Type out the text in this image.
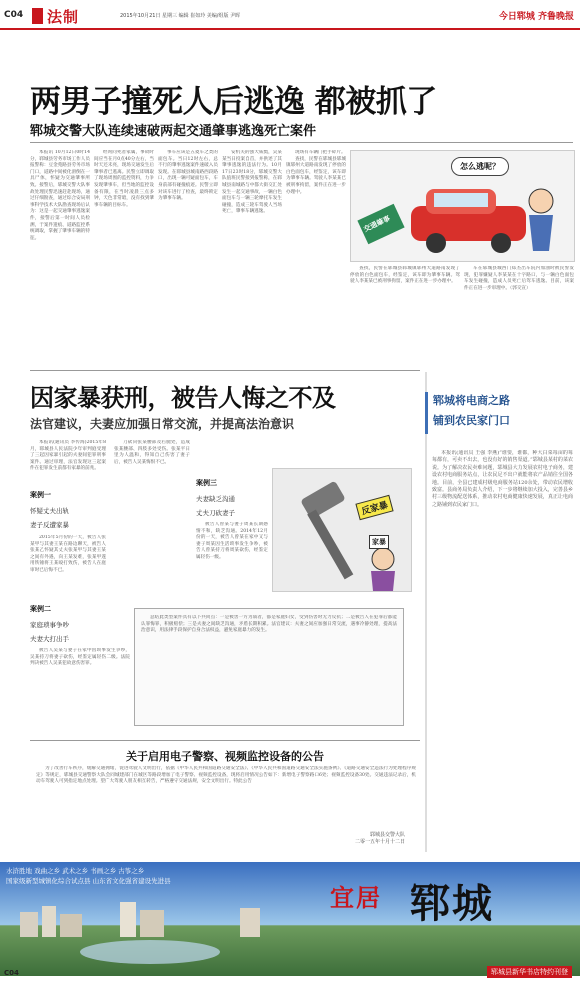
C04 法制	2015年10月21日 星期三 编辑 崔如玲 美编/组版 尹晖	今日郓城 齐鲁晚报
两男子撞死人后逃逸 都被抓了
郓城交警大队连续速破两起交通肇事逃逸死亡案件

本报讯 10月12日0时14分，郓城县劳务市场工作人员报警称：豆金苑路县劳务市场门口，道路中间被化滑倒在一具尸体，怀疑为交通肇事所致。接警后，郓城交警大队事故处理民警迅速赶赴现场，通过仔细勘查，通过综合安局刑事科学技术大队勘查现场后认为：这是一起交通肇事逃逸案件，接警后第一时间人员检测，于案件遗痕、道路监控系统调取，掌握了肇事车辆的特征。

经询问死者家属，事故时间应当在月0点40分左右，当时天还未亮，现场交通发生后肇事者已逃离。民警立即调取了现场周围的监控资料，力争发现肇事车，但当地的监控设备有限，在当时凌晨三点多钟，天色非常暗，没有找到肇事车辆的目标车。

事车应该是五菱车之类的面包车。当日12时左右，总不行的肇事逃逸案件速破入员发现。在郓城县城南路西段路口，出现一辆可疑面包车，车身前部有碰撞痕迹。民警立即对该车进行了检查，最终锁定为肇事车辆。

安机关的强大威慑，吴某某当日投案自首，并供述了其肇事逃逸的违法行为。10月17日23时18分，郓城交警大队值班民警接到报警称，在郓城县南城路与中都大街交汇处发生一起交通事故，一辆白色面包车与一辆三轮摩托车发生碰撞，造成三轮车驾驶人当场死亡，肇事车辆逃逸。

现场有车辆门把手碎片。

查找，民警在郓城县郓城镇郓州大道路南发现了停放的白色面包车，经鉴定，该车即为肇事车辆。驾驶人李某某已被刑事拘留，案件正在进一步办理中。

怎么逃呢？
交通肇事

查找，民警在郓城县郓城镇郓州大道路南发现了停放的白色面包车，经鉴定，该车即为肇事车辆。驾驶人李某某已被刑事拘留，案件正在进一步办理中。

车在郓城县城西门郑杰出车院内加油时被民警发现，犯罪嫌疑人李某某在十字路口，与一辆白色面包车发生碰撞，造成人员死亡后驾车逃逸。目前，该案件正在进一步审理中。（郭交宣）

因家暴获刑，被告人悔之不及
法官建议，夫妻应加强日常交流，并提高法治意识

本报讯(通讯员 李传海)2015年8月，郓城县人民法院少年审判庭受理了三起因家暴引起的夫妻间犯罪刑事案件。通过审理，法官发现这三起案件在犯罪发生前都有家暴的前兆。

案例一
怀疑丈夫出轨
妻子反遭家暴

2015年5月份的一天，被告人张某甲与其妻王某在路边聊天，被告人张某乙怀疑其丈夫张某甲与其妻王某之间有外遇，向王某发难，张某甲遂用铁锤将王某殴打致伤，被告人在庭审时已后悔不已。

案例二
家庭琐事争吵
夫妻大打出手

被告人吴某与妻子在家中因琐事发生争吵，吴某持刀将妻子砍伤，经鉴定属轻伤二级。法院判决被告人吴某犯故意伤害罪。

刀砍向张某腰部及右腿处，造成张某腰部、四肢多处受伤。张某平日里为人温和，得知自己伤害了妻子后，被告人吴某悔恨不已。

案例三
夫妻缺乏沟通
丈夫刀砍妻子

被告人曾某与妻子周某长期感情不和，缺乏沟通。2014年12月份的一天，被告人曾某在家中又与妻子周某因生活琐事发生争吵，被告人曾某持刀将周某砍伤，经鉴定属轻伤一级。

反家暴
家暴

总结此类型案件具有以下共同点：一是被害一方为弱者，都是家庭妇女，受到伤害时无力反抗；二是被告人在犯罪后都能认罪悔罪，积极赔偿；三是夫妻之间缺乏沟通，矛盾长期积累。法官建议：夫妻之间应加强日常交流，遇事冷静处理，提高法治意识，用法律手段保护自身合法权益，避免家庭暴力的发生。

郓城将电商之路
铺到农民家门口

本报讯(通讯员 王强 李燕)“谁要，谁都，种大白菜每亩的每每都有，可卖不出去，也没有好的销售渠道。”郓城县某村的菜农说。为了解决农民卖难问题，郓城县大力发展农村电子商务，建设农村电商服务站点，让农民足不出户就能将农产品销往全国各地。目前，全县已建成村级电商服务站120余处，带动农民增收致富。县商务局负责人介绍，下一步将继续加大投入，完善县乡村三级物流配送体系，推动农村电商健康快速发展，真正让电商之路铺到农民家门口。

关于启用电子警察、视频监控设备的公告

为了改善行车秩序，缓解交通拥堵，促进驾驶人文明出行，依据《中华人民共和国道路交通安全法》、《中华人民共和国道路交通安全法实施条例》、《道路交通安全违法行为处理程序规定》等规定，郓城县交通警察大队会同城建部门在城区等路段增加了电子警察、视频监控设备，现将启用情况公告如下：新增电子警察路口6处；视频监控设备30处。交通违法记录后，机动车驾驶人可到指定地点处理。望广大驾驶人朋友相互转告，严格遵守交通法规，安全文明出行。特此公告

郓城县交警大队
二零一五年十月十二日
水浒胜地 戏曲之乡 武术之乡 书画之乡 古筝之乡
国家级新型城镇化综合试点县 山东省文化强省建设先进县
宜居 郓城
C04	郓城县新华书店特约刊登
